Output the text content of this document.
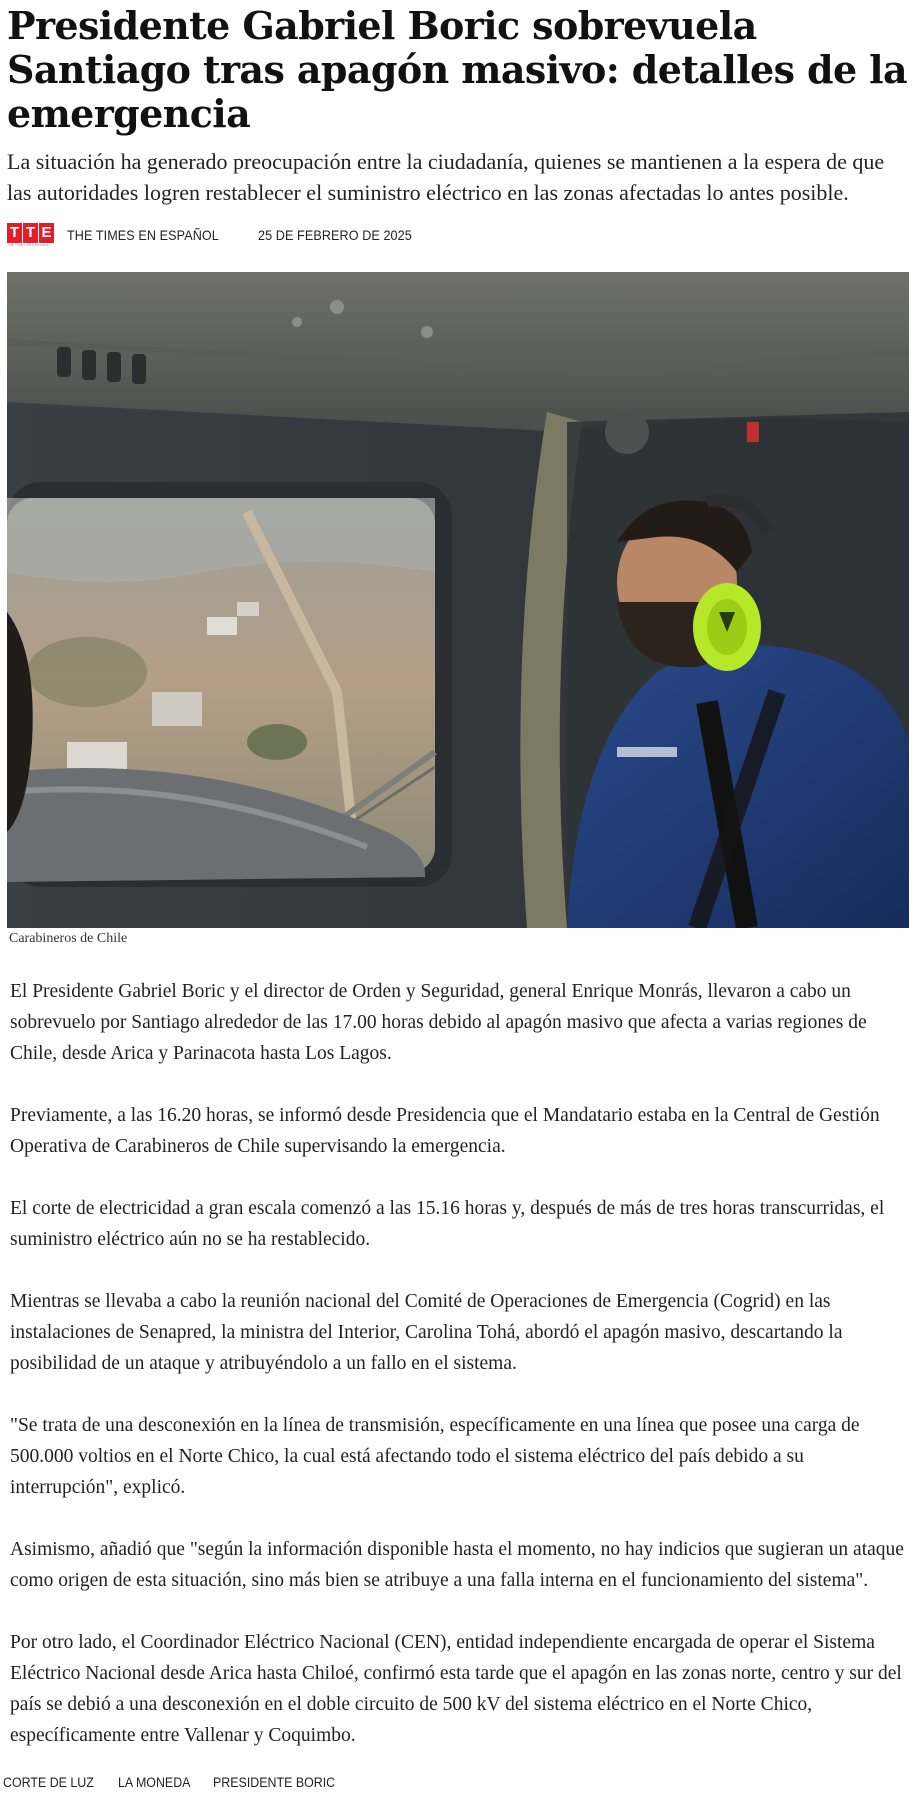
Presidente Gabriel Boric sobrevuela Santiago tras apagón masivo: detalles de la emergencia

La situación ha generado preocupación entre la ciudadanía, quienes se mantienen a la espera de que las autoridades logren restablecer el suministro eléctrico en las zonas afectadas lo antes posible.

T T E
THE TIMES EN ESPAÑOL
THE TIMES EN ESPAÑOL	25 DE FEBRERO DE 2025
Carabineros de Chile

El Presidente Gabriel Boric y el director de Orden y Seguridad, general Enrique Monrás, llevaron a cabo un sobrevuelo por Santiago alrededor de las 17.00 horas debido al apagón masivo que afecta a varias regiones de Chile, desde Arica y Parinacota hasta Los Lagos.

Previamente, a las 16.20 horas, se informó desde Presidencia que el Mandatario estaba en la Central de Gestión Operativa de Carabineros de Chile supervisando la emergencia.

El corte de electricidad a gran escala comenzó a las 15.16 horas y, después de más de tres horas transcurridas, el suministro eléctrico aún no se ha restablecido.

Mientras se llevaba a cabo la reunión nacional del Comité de Operaciones de Emergencia (Cogrid) en las instalaciones de Senapred, la ministra del Interior, Carolina Tohá, abordó el apagón masivo, descartando la posibilidad de un ataque y atribuyéndolo a un fallo en el sistema.

"Se trata de una desconexión en la línea de transmisión, específicamente en una línea que posee una carga de 500.000 voltios en el Norte Chico, la cual está afectando todo el sistema eléctrico del país debido a su interrupción", explicó.

Asimismo, añadió que "según la información disponible hasta el momento, no hay indicios que sugieran un ataque como origen de esta situación, sino más bien se atribuye a una falla interna en el funcionamiento del sistema".

Por otro lado, el Coordinador Eléctrico Nacional (CEN), entidad independiente encargada de operar el Sistema Eléctrico Nacional desde Arica hasta Chiloé, confirmó esta tarde que el apagón en las zonas norte, centro y sur del país se debió a una desconexión en el doble circuito de 500 kV del sistema eléctrico en el Norte Chico, específicamente entre Vallenar y Coquimbo.

CORTE DE LUZ LA MONEDA PRESIDENTE BORIC
